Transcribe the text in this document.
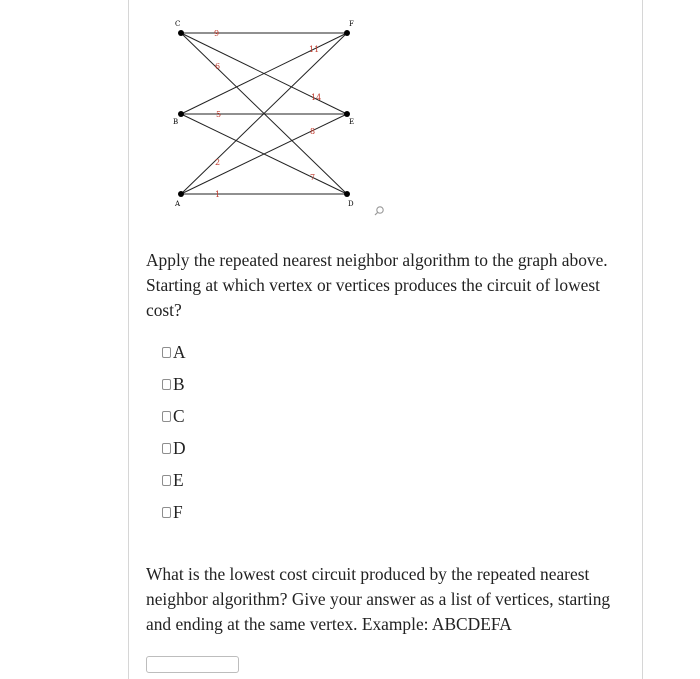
9
14
6
11
5
7
8
2
1
C	F
B	E
A	D
Apply the repeated nearest neighbor algorithm to the graph above. Starting at which vertex or vertices produces the circuit of lowest cost?
A
B
C
D
E
F
What is the lowest cost circuit produced by the repeated nearest neighbor algorithm? Give your answer as a list of vertices, starting and ending at the same vertex. Example: ABCDEFA
